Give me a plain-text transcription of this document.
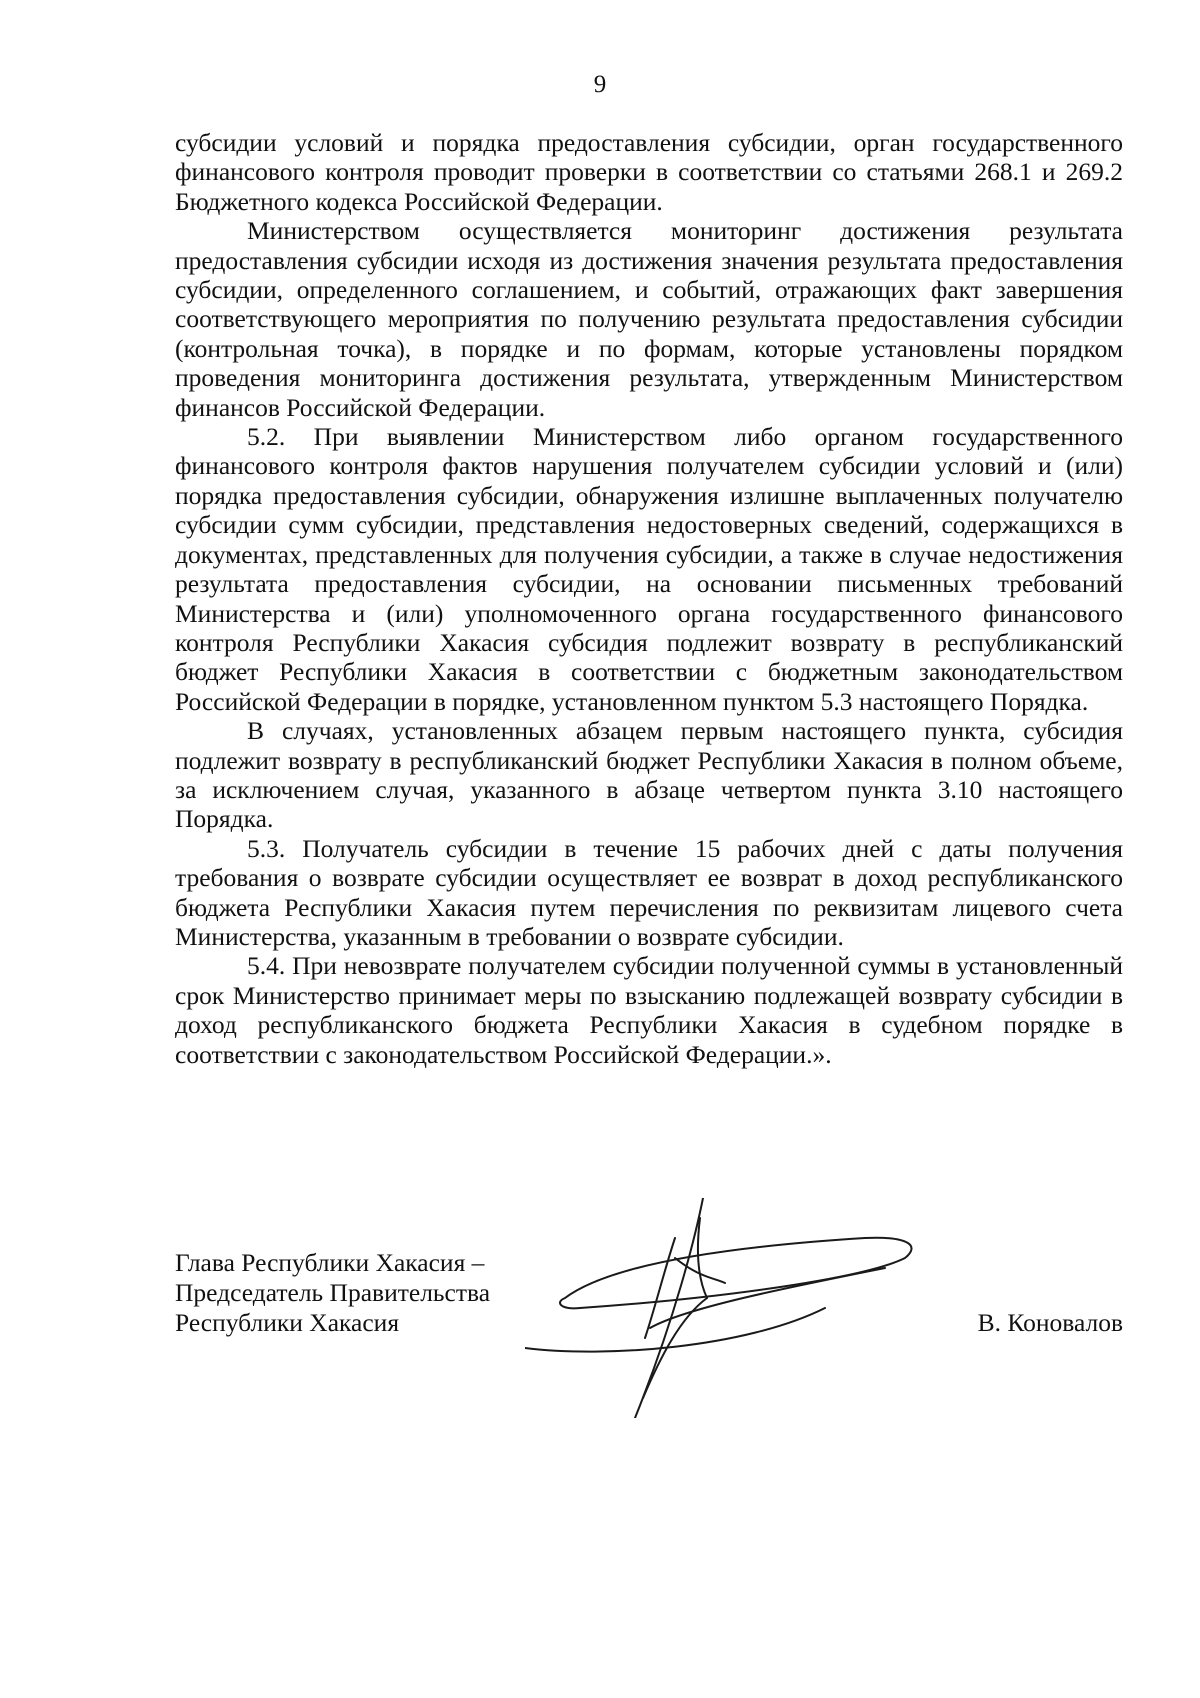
9

субсидии условий и порядка предоставления субсидии, орган государственного финансового контроля проводит проверки в соответствии со статьями 268.1 и 269.2 Бюджетного кодекса Российской Федерации.

Министерством осуществляется мониторинг достижения результата предоставления субсидии исходя из достижения значения результата предоставления субсидии, определенного соглашением, и событий, отражающих факт завершения соответствующего мероприятия по получению результата предоставления субсидии (контрольная точка), в порядке и по формам, которые установлены порядком проведения мониторинга достижения результата, утвержденным Министерством финансов Российской Федерации.

5.2. При выявлении Министерством либо органом государственного финансового контроля фактов нарушения получателем субсидии условий и (или) порядка предоставления субсидии, обнаружения излишне выплаченных получателю субсидии сумм субсидии, представления недостоверных сведений, содержащихся в документах, представленных для получения субсидии, а также в случае недостижения результата предоставления субсидии, на основании письменных требований Министерства и (или) уполномоченного органа государственного финансового контроля Республики Хакасия субсидия подлежит возврату в республиканский бюджет Республики Хакасия в соответствии с бюджетным законодательством Российской Федерации в порядке, установленном пунктом 5.3 настоящего Порядка.

В случаях, установленных абзацем первым настоящего пункта, субсидия подлежит возврату в республиканский бюджет Республики Хакасия в полном объеме, за исключением случая, указанного в абзаце четвертом пункта 3.10 настоящего Порядка.

5.3. Получатель субсидии в течение 15 рабочих дней с даты получения требования о возврате субсидии осуществляет ее возврат в доход республиканского бюджета Республики Хакасия путем перечисления по реквизитам лицевого счета Министерства, указанным в требовании о возврате субсидии.

5.4. При невозврате получателем субсидии полученной суммы в установленный срок Министерство принимает меры по взысканию подлежащей возврату субсидии в доход республиканского бюджета Республики Хакасия в судебном порядке в соответствии с законодательством Российской Федерации.».

Глава Республики Хакасия –
Председатель Правительства
Республики Хакасия	В. Коновалов
